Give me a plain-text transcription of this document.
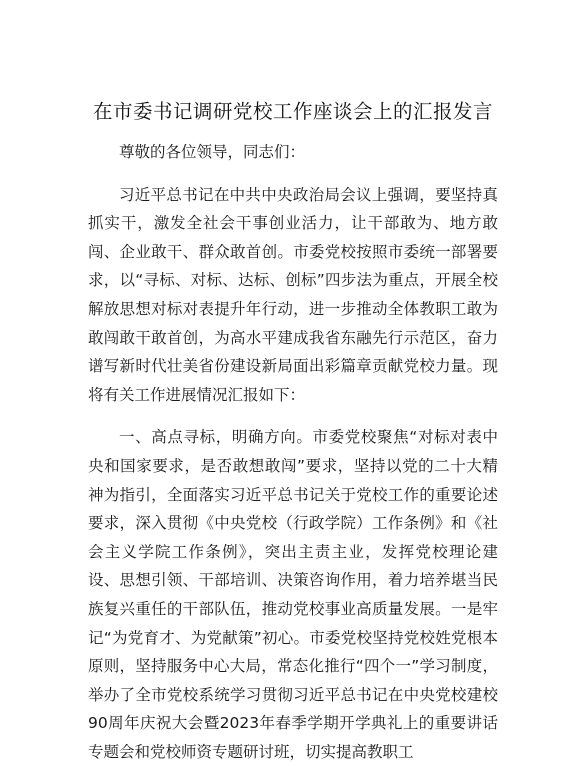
在市委书记调研党校工作座谈会上的汇报发言

尊敬的各位领导，同志们：

习近平总书记在中共中央政治局会议上强调，要坚持真抓实干，激发全社会干事创业活力，让干部敢为、地方敢闯、企业敢干、群众敢首创。市委党校按照市委统一部署要求，以“寻标、对标、达标、创标”四步法为重点，开展全校解放思想对标对表提升年行动，进一步推动全体教职工敢为敢闯敢干敢首创，为高水平建成我省东融先行示范区，奋力谱写新时代壮美省份建设新局面出彩篇章贡献党校力量。现将有关工作进展情况汇报如下：

一、高点寻标，明确方向。市委党校聚焦“对标对表中央和国家要求，是否敢想敢闯”要求，坚持以党的二十大精神为指引，全面落实习近平总书记关于党校工作的重要论述要求，深入贯彻《中央党校（行政学院）工作条例》和《社会主义学院工作条例》，突出主责主业，发挥党校理论建设、思想引领、干部培训、决策咨询作用，着力培养堪当民族复兴重任的干部队伍，推动党校事业高质量发展。一是牢记“为党育才、为党献策”初心。市委党校坚持党校姓党根本原则，坚持服务中心大局，常态化推行“四个一”学习制度，举办了全市党校系统学习贯彻习近平总书记在中央党校建校90周年庆祝大会暨2023年春季学期开学典礼上的重要讲话专题会和党校师资专题研讨班，切实提高教职工
